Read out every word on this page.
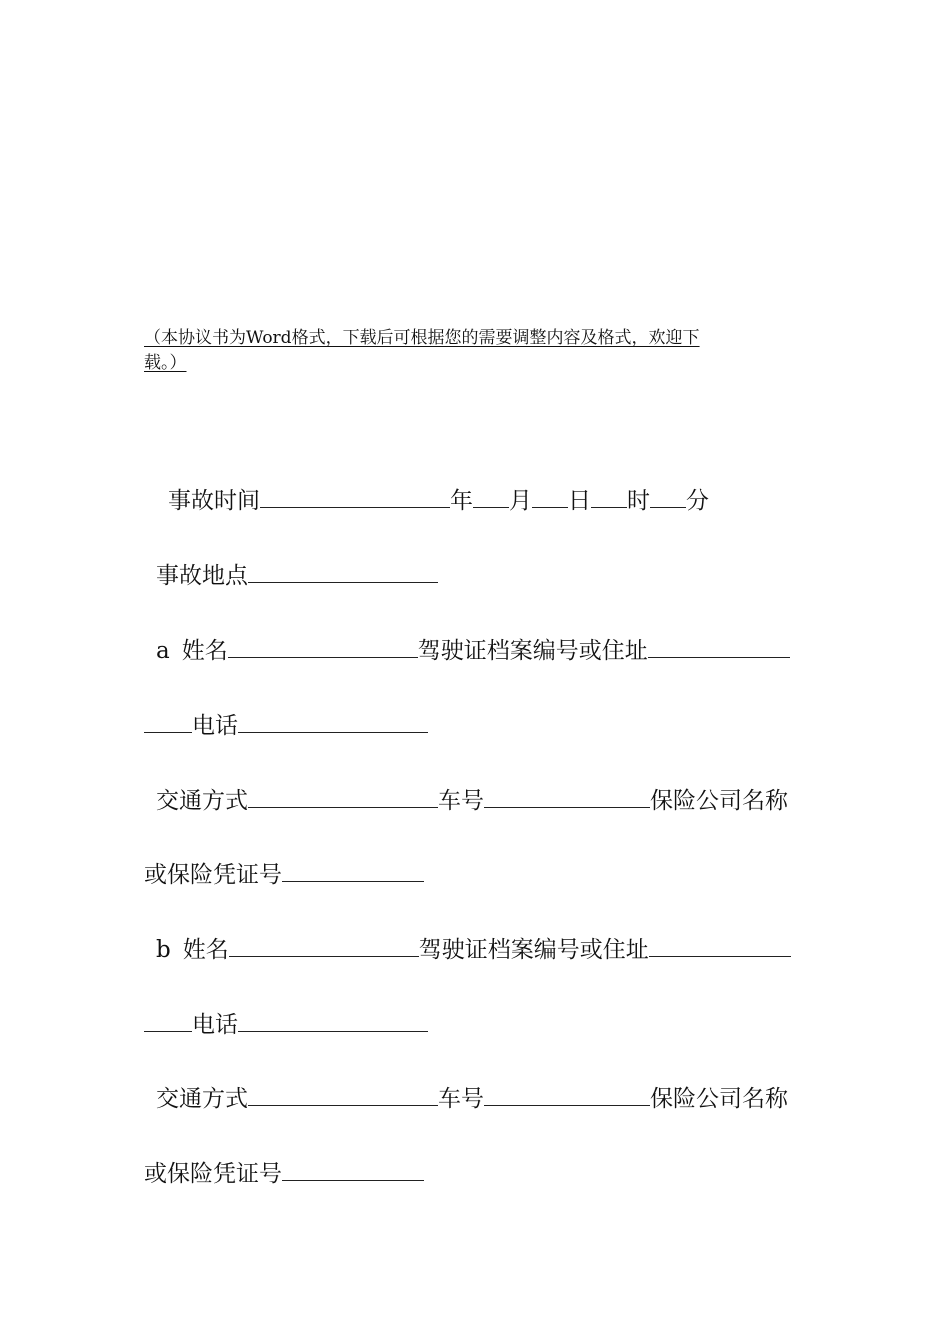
（本协议书为Word格式，下载后可根据您的需要调整内容及格式，欢迎下
载。）
事故时间	年 月 日 时 分
事故地点
a 姓名	驾驶证档案编号或住址
电话
交通方式	车号	保险公司名称
或保险凭证号
b 姓名	驾驶证档案编号或住址
电话
交通方式	车号	保险公司名称
或保险凭证号
